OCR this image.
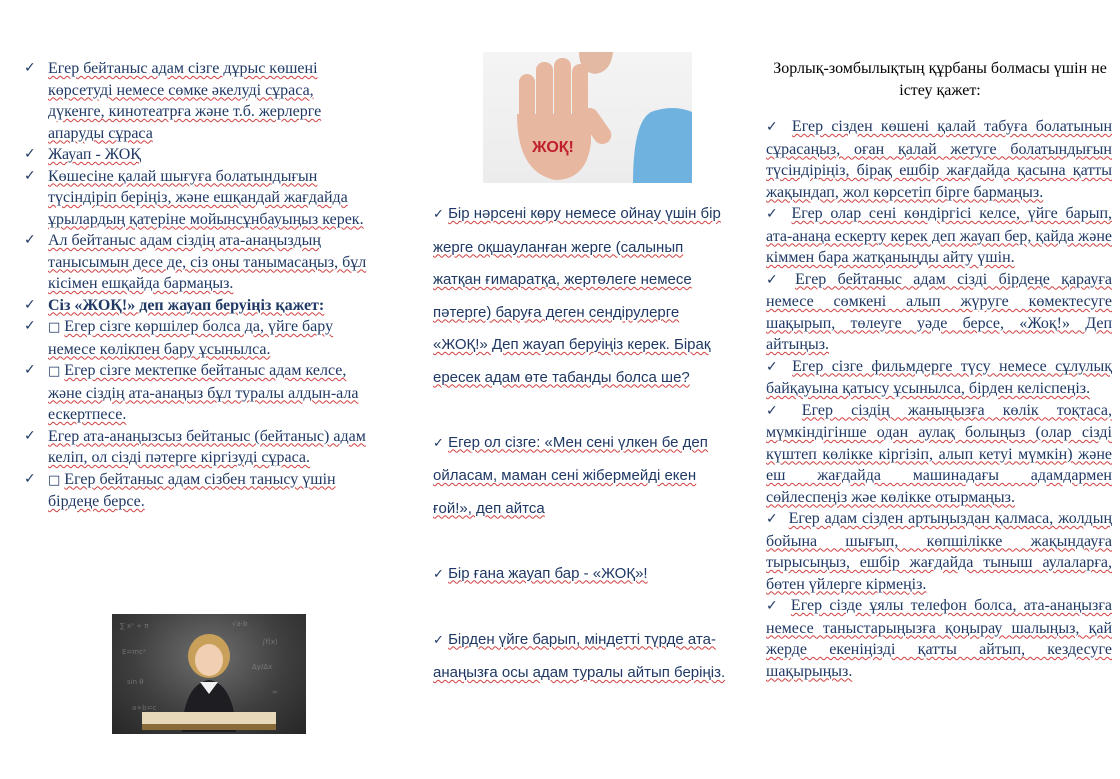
✓ Егер бейтаныс адам сізге дұрыс көшені көрсетуді немесе сөмке әкелуді сұраса, дүкенге, кинотеатрға және т.б. жерлерге апаруды сұраса
✓ Жауап - ЖОҚ
✓ Көшесіне қалай шығуға болатындығын түсіндіріп беріңіз, және ешқандай жағдайда ұрылардың қатеріне мойынсұнбауыңыз керек.
✓ Ал бейтаныс адам сіздің ата-анаңыздың танысымын десе де, сіз оны танымасаңыз, бұл кісімен ешқайда бармаңыз.
✓ Сіз «ЖОҚ!» деп жауап беруіңіз қажет:
✓ □ Егер сізге көршілер болса да, үйге бару немесе көлікпен бару ұсынылса.
✓ □ Егер сізге мектепке бейтаныс адам келсе, және сіздің ата-анаңыз бұл туралы алдын-ала ескертпесе.
✓ Егер ата-анаңызсыз бейтаныс (бейтаныс) адам келіп, ол сізді пәтерге кіргізуді сұраса.
✓ □ Егер бейтаныс адам сізбен танысу үшін бірдеңе берсе.
∑ x² + π	√a·b
∫f(x)
E=mc²
Δy/Δx
sin θ
∞
a+b=c
ЖОҚ!

✓ Бір нәрсені көру немесе ойнау үшін бір жерге оқшауланған жерге (салынып жатқан ғимаратқа, жертөлеге немесе пәтерге) баруға деген сендірулерге «ЖОҚ!» Деп жауап беруіңіз керек. Бірақ ересек адам өте табанды болса ше?

✓ Егер ол сізге: «Мен сені үлкен бе деп ойласам, маман сені жібермейді екен ғой!», деп айтса

✓ Бір ғана жауап бар - «ЖОҚ»!

✓ Бірден үйге барып, міндетті түрде ата-анаңызға осы адам туралы айтып беріңіз.

Зорлық-зомбылықтың құрбаны болмасы үшін не істеу қажет:

✓ Егер сізден көшені қалай табуға болатынын сұрасаңыз, оған қалай жетуге болатындығын түсіндіріңіз, бірақ ешбір жағдайда қасына қатты жақындап, жол көрсетіп бірге бармаңыз.

✓ Егер олар сені көндіргісі келсе, үйге барып, ата-анаңа ескерту керек деп жауап бер, қайда және кіммен бара жатқаныңды айту үшін.

✓ Егер бейтаныс адам сізді бірдеңе қарауға немесе сөмкені алып жүруге көмектесуге шақырып, төлеуге уәде берсе, «Жоқ!» Деп айтыңыз.

✓ Егер сізге фильмдерге түсу немесе сұлулық байқауына қатысу ұсынылса, бірден келіспеңіз.

✓ Егер сіздің жаныңызға көлік тоқтаса, мүмкіндігінше одан аулақ болыңыз (олар сізді күштеп көлікке кіргізіп, алып кетуі мүмкін) және еш жағдайда машинадағы адамдармен сөйлеспеңіз жәе көлікке отырмаңыз.

✓ Егер адам сізден артыңыздан қалмаса, жолдың бойына шығып, көпшілікке жақындауға тырысыңыз, ешбір жағдайда тыныш аулаларға, бөтен үйлерге кірмеңіз.

✓ Егер сізде ұялы телефон болса, ата-анаңызға немесе таныстарыңызға қоңырау шалыңыз, қай жерде екеніңізді қатты айтып, кездесуге шақырыңыз.
